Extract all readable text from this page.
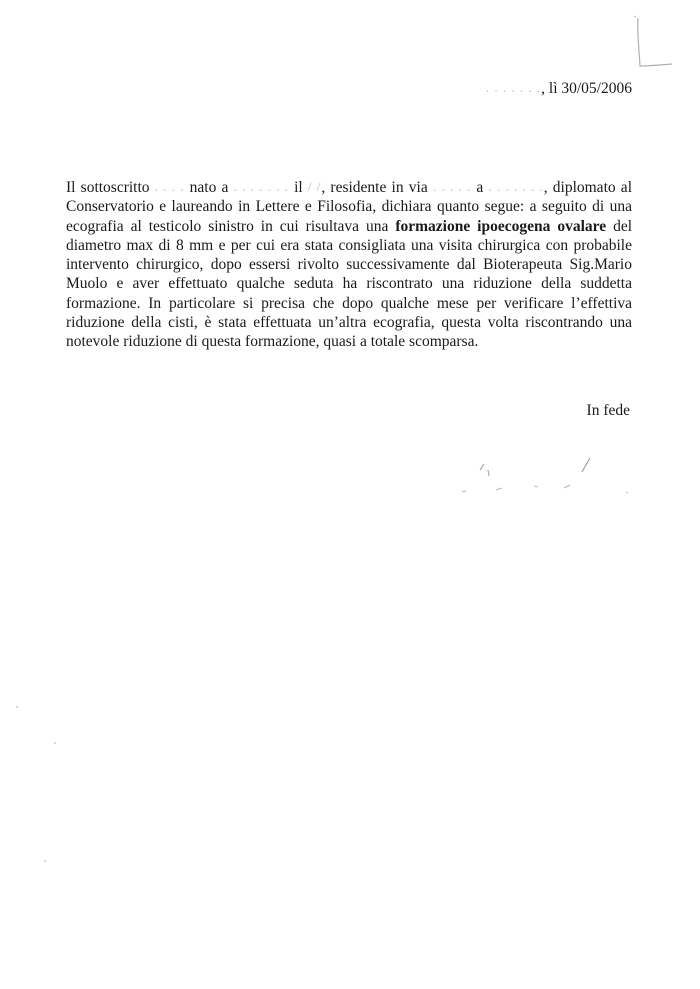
. . . . . . ., lì 30/05/2006
Il sottoscritto . . . . nato a . . . . . . . il / /, residente in via . . . . . a . . . . . . ., diplomato al Conservatorio e laureando in Lettere e Filosofia, dichiara quanto segue: a seguito di una ecografia al testicolo sinistro in cui risultava una formazione ipoecogena ovalare del diametro max di 8 mm e per cui era stata consigliata una visita chirurgica con probabile intervento chirurgico, dopo essersi rivolto successivamente dal Bioterapeuta Sig.Mario Muolo e aver effettuato qualche seduta ha riscontrato una riduzione della suddetta formazione. In particolare si precisa che dopo qualche mese per verificare l’effettiva riduzione della cisti, è stata effettuata un’altra ecografia, questa volta riscontrando una notevole riduzione di questa formazione, quasi a totale scomparsa.
In fede
